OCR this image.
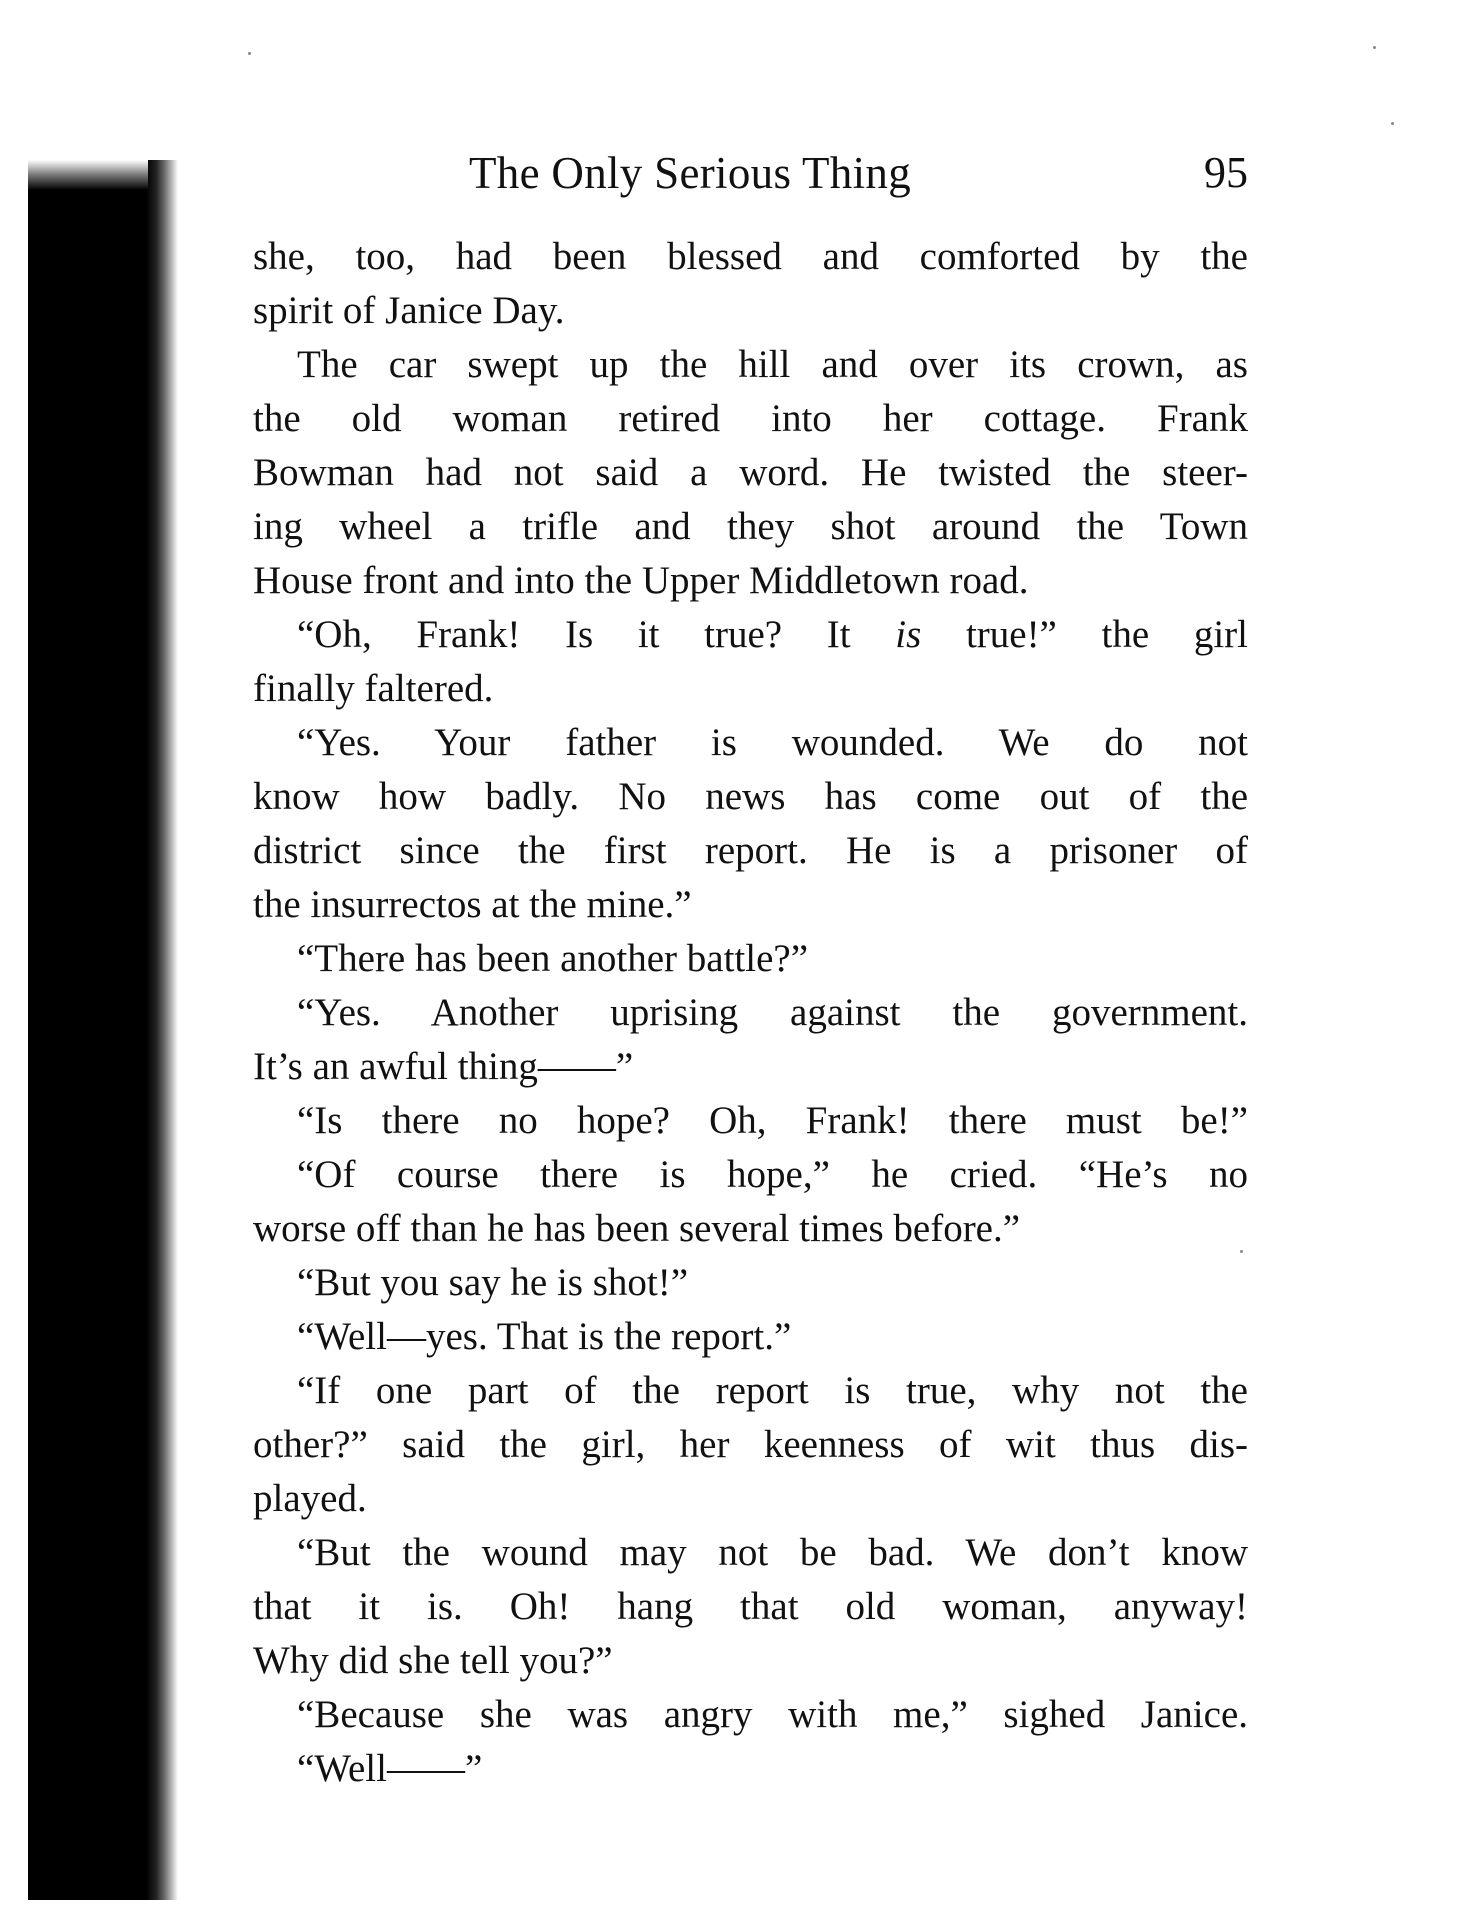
The Only Serious Thing	95
she, too, had been blessed and comforted by the
spirit of Janice Day.
The car swept up the hill and over its crown, as
the old woman retired into her cottage. Frank
Bowman had not said a word. He twisted the steer-
ing wheel a trifle and they shot around the Town
House front and into the Upper Middletown road.
“Oh, Frank! Is it true? It is true!” the girl
finally faltered.
“Yes. Your father is wounded. We do not
know how badly. No news has come out of the
district since the first report. He is a prisoner of
the insurrectos at the mine.”
“There has been another battle?”
“Yes. Another uprising against the government.
It’s an awful thing——”
“Is there no hope? Oh, Frank! there must be!”
“Of course there is hope,” he cried. “He’s no
worse off than he has been several times before.”
“But you say he is shot!”
“Well—yes. That is the report.”
“If one part of the report is true, why not the
other?” said the girl, her keenness of wit thus dis-
played.
“But the wound may not be bad. We don’t know
that it is. Oh! hang that old woman, anyway!
Why did she tell you?”
“Because she was angry with me,” sighed Janice.
“Well——”
